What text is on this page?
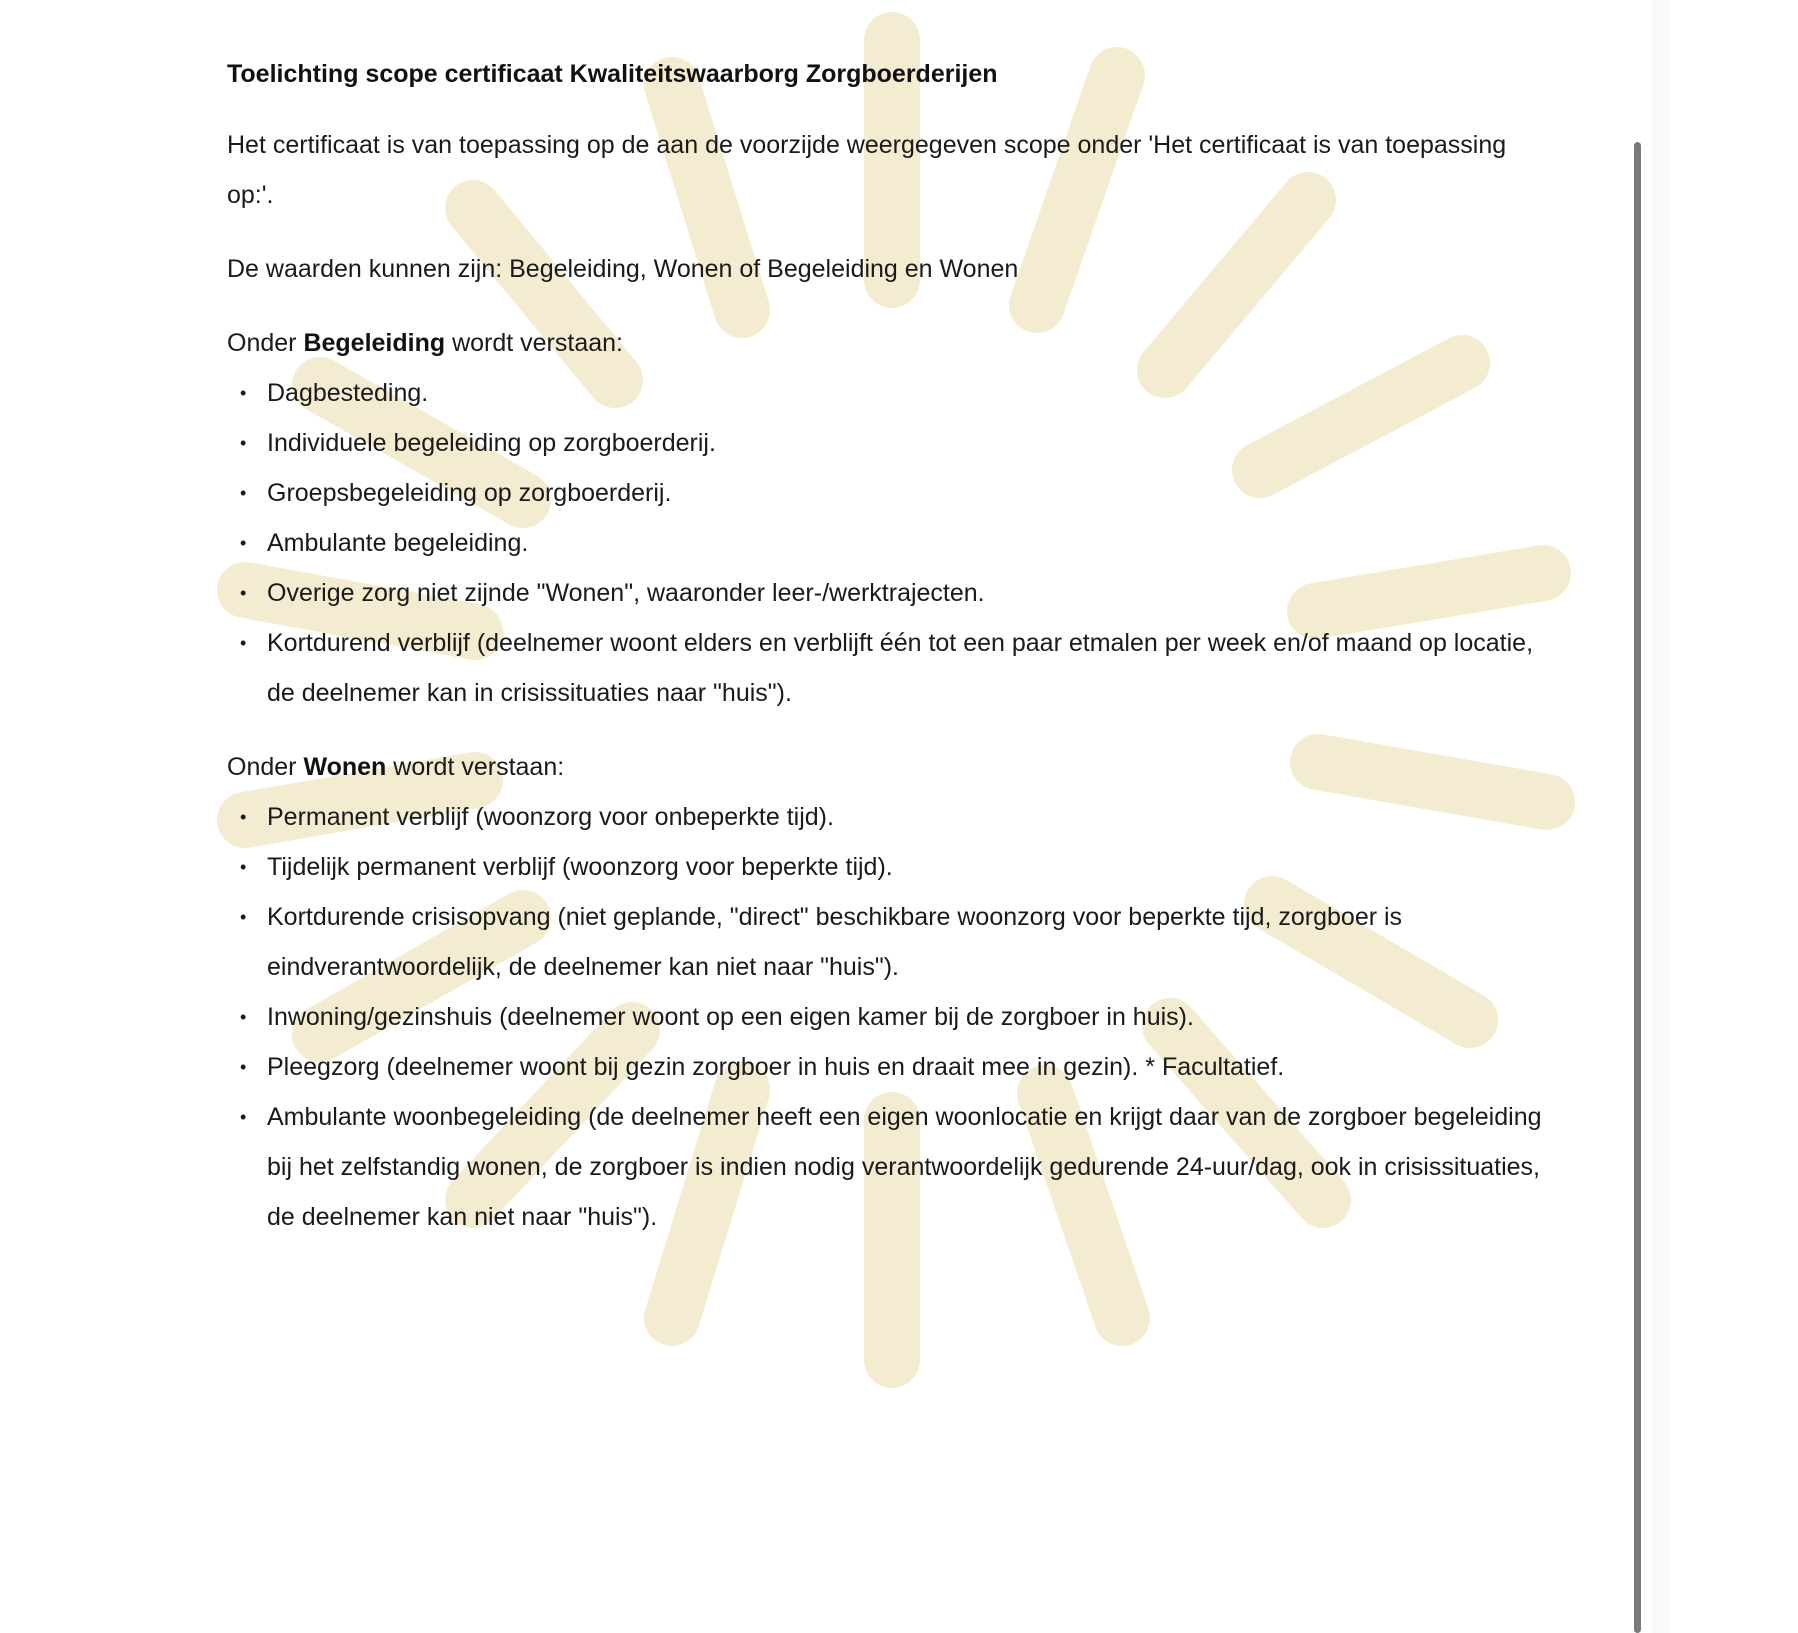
Toelichting scope certificaat Kwaliteitswaarborg Zorgboerderijen

Het certificaat is van toepassing op de aan de voorzijde weergegeven scope onder 'Het certificaat is van toepassing op:'.

De waarden kunnen zijn: Begeleiding, Wonen of Begeleiding en Wonen

Onder Begeleiding wordt verstaan:

• Dagbesteding.
• Individuele begeleiding op zorgboerderij.
• Groepsbegeleiding op zorgboerderij.
• Ambulante begeleiding.
• Overige zorg niet zijnde "Wonen", waaronder leer-/werktrajecten.
• Kortdurend verblijf (deelnemer woont elders en verblijft één tot een paar etmalen per week en/of maand op locatie, de deelnemer kan in crisissituaties naar "huis").

Onder Wonen wordt verstaan:

• Permanent verblijf (woonzorg voor onbeperkte tijd).
• Tijdelijk permanent verblijf (woonzorg voor beperkte tijd).
• Kortdurende crisisopvang (niet geplande, "direct" beschikbare woonzorg voor beperkte tijd, zorgboer is eindverantwoordelijk, de deelnemer kan niet naar "huis").
• Inwoning/gezinshuis (deelnemer woont op een eigen kamer bij de zorgboer in huis).
• Pleegzorg (deelnemer woont bij gezin zorgboer in huis en draait mee in gezin). * Facultatief.
• Ambulante woonbegeleiding (de deelnemer heeft een eigen woonlocatie en krijgt daar van de zorgboer begeleiding bij het zelfstandig wonen, de zorgboer is indien nodig verantwoordelijk gedurende 24-uur/dag, ook in crisissituaties, de deelnemer kan niet naar "huis").
